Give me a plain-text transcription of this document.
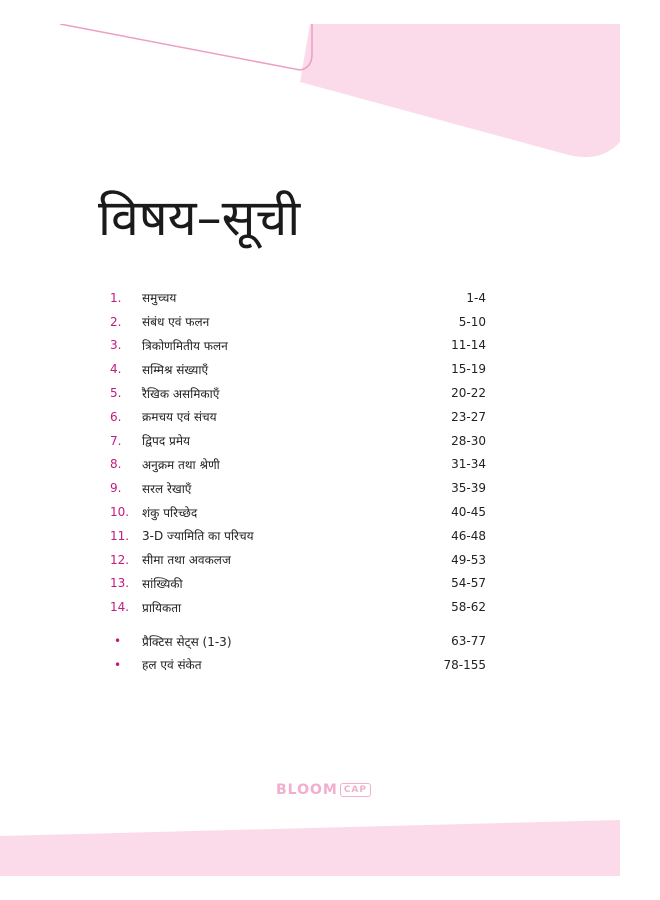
विषय–सूची
1.	समुच्चय	1-4
2.	संबंध एवं फलन	5-10
3.	त्रिकोणमितीय फलन	11-14
4.	सम्मिश्र संख्याएँ	15-19
5.	रैखिक असमिकाएँ	20-22
6.	क्रमचय एवं संचय	23-27
7.	द्विपद प्रमेय	28-30
8.	अनुक्रम तथा श्रेणी	31-34
9.	सरल रेखाएँ	35-39
10.	शंकु परिच्छेद	40-45
11.	3-D ज्यामिति का परिचय	46-48
12.	सीमा तथा अवकलज	49-53
13.	सांख्यिकी	54-57
14.	प्रायिकता	58-62
•	प्रैक्टिस सेट्स (1-3)	63-77
•	हल एवं संकेत	78-155
BLOOM CAP
